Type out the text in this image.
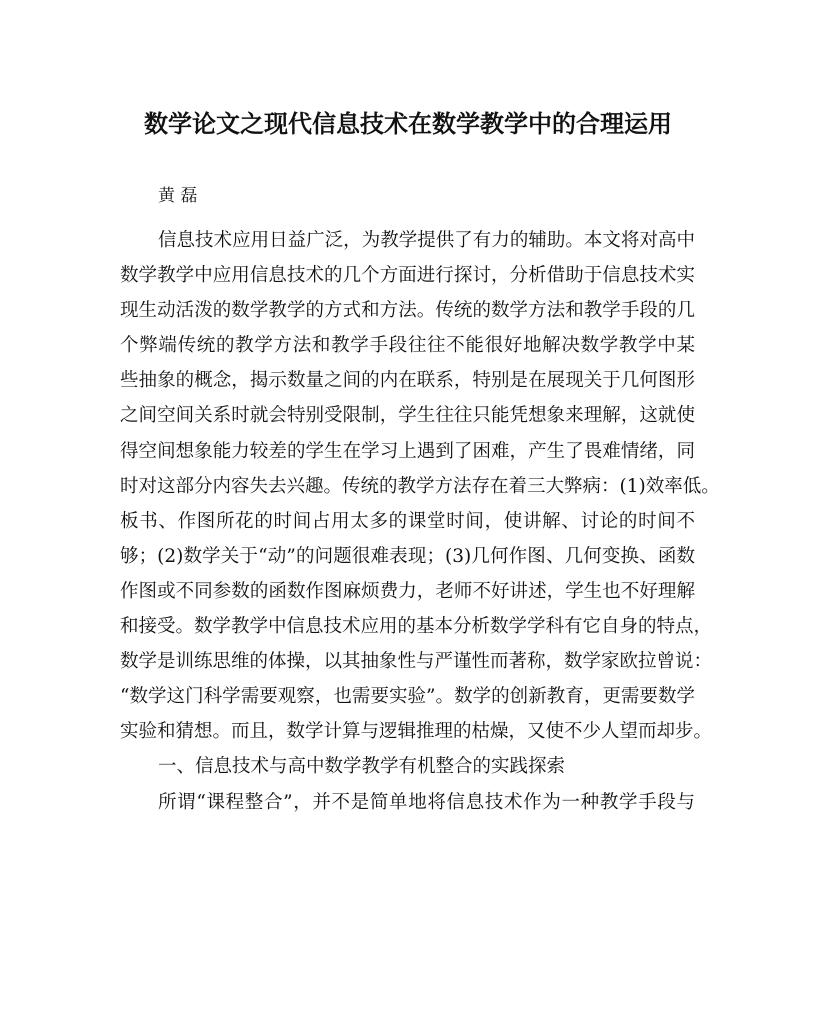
数学论文之现代信息技术在数学教学中的合理运用
黄 磊
信息技术应用日益广泛，为教学提供了有力的辅助。本文将对高中
数学教学中应用信息技术的几个方面进行探讨，分析借助于信息技术实
现生动活泼的数学教学的方式和方法。传统的数学方法和教学手段的几
个弊端传统的教学方法和教学手段往往不能很好地解决数学教学中某
些抽象的概念，揭示数量之间的内在联系，特别是在展现关于几何图形
之间空间关系时就会特别受限制，学生往往只能凭想象来理解，这就使
得空间想象能力较差的学生在学习上遇到了困难，产生了畏难情绪，同
时对这部分内容失去兴趣。传统的教学方法存在着三大弊病：(1)效率低。
板书、作图所花的时间占用太多的课堂时间，使讲解、讨论的时间不
够；(2)数学关于“动”的问题很难表现；(3)几何作图、几何变换、函数
作图或不同参数的函数作图麻烦费力，老师不好讲述，学生也不好理解
和接受。数学教学中信息技术应用的基本分析数学学科有它自身的特点，
数学是训练思维的体操，以其抽象性与严谨性而著称，数学家欧拉曾说：
“数学这门科学需要观察，也需要实验”。数学的创新教育，更需要数学
实验和猜想。而且，数学计算与逻辑推理的枯燥，又使不少人望而却步。
一、信息技术与高中数学教学有机整合的实践探索
所谓“课程整合”，并不是简单地将信息技术作为一种教学手段与
